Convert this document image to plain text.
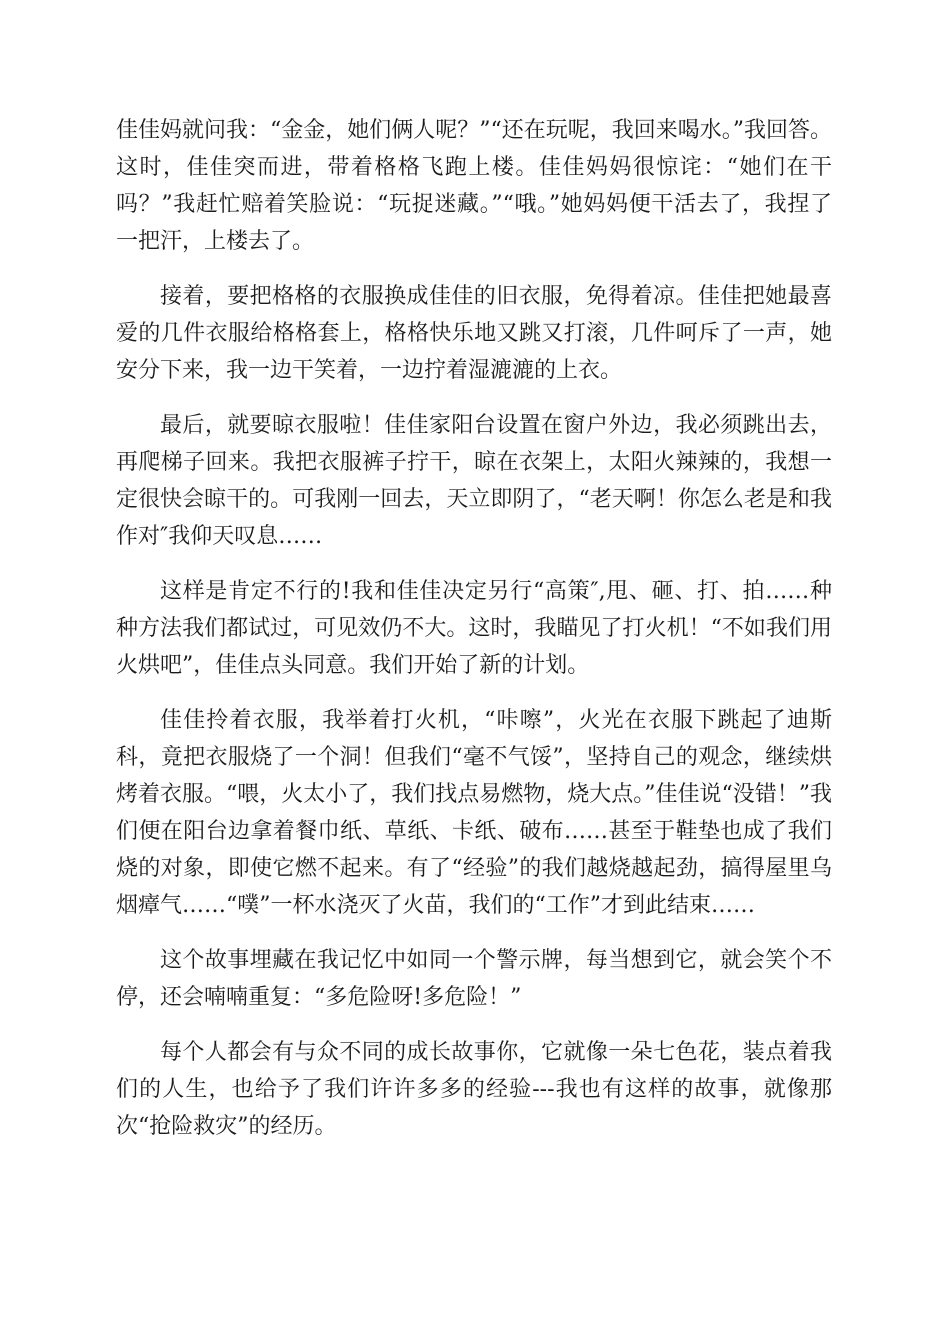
佳佳妈就问我：“金金，她们俩人呢？”“还在玩呢，我回来喝水。”我回答。这时，佳佳突而进，带着格格飞跑上楼。佳佳妈妈很惊诧：“她们在干吗？”我赶忙赔着笑脸说：“玩捉迷藏。”“哦。”她妈妈便干活去了，我捏了一把汗，上楼去了。

接着，要把格格的衣服换成佳佳的旧衣服，免得着凉。佳佳把她最喜爱的几件衣服给格格套上，格格快乐地又跳又打滚，几件呵斥了一声，她安分下来，我一边干笑着，一边拧着湿漉漉的上衣。

最后，就要晾衣服啦！佳佳家阳台设置在窗户外边，我必须跳出去，再爬梯子回来。我把衣服裤子拧干，晾在衣架上，太阳火辣辣的，我想一定很快会晾干的。可我刚一回去，天立即阴了，“老天啊！你怎么老是和我作对″我仰天叹息……

这样是肯定不行的!我和佳佳决定另行“高策″,甩、砸、打、拍……种种方法我们都试过，可见效仍不大。这时，我瞄见了打火机！“不如我们用火烘吧”，佳佳点头同意。我们开始了新的计划。

佳佳拎着衣服，我举着打火机，“咔嚓”，火光在衣服下跳起了迪斯科，竟把衣服烧了一个洞！但我们“毫不气馁”，坚持自己的观念，继续烘烤着衣服。“喂，火太小了，我们找点易燃物，烧大点。”佳佳说“没错！”我们便在阳台边拿着餐巾纸、草纸、卡纸、破布……甚至于鞋垫也成了我们烧的对象，即使它燃不起来。有了“经验”的我们越烧越起劲，搞得屋里乌烟瘴气……“噗”一杯水浇灭了火苗，我们的“工作”才到此结束……

这个故事埋藏在我记忆中如同一个警示牌，每当想到它，就会笑个不停，还会喃喃重复：“多危险呀!多危险！”

每个人都会有与众不同的成长故事你，它就像一朵七色花，装点着我们的人生，也给予了我们许许多多的经验---我也有这样的故事，就像那次“抢险救灾”的经历。
